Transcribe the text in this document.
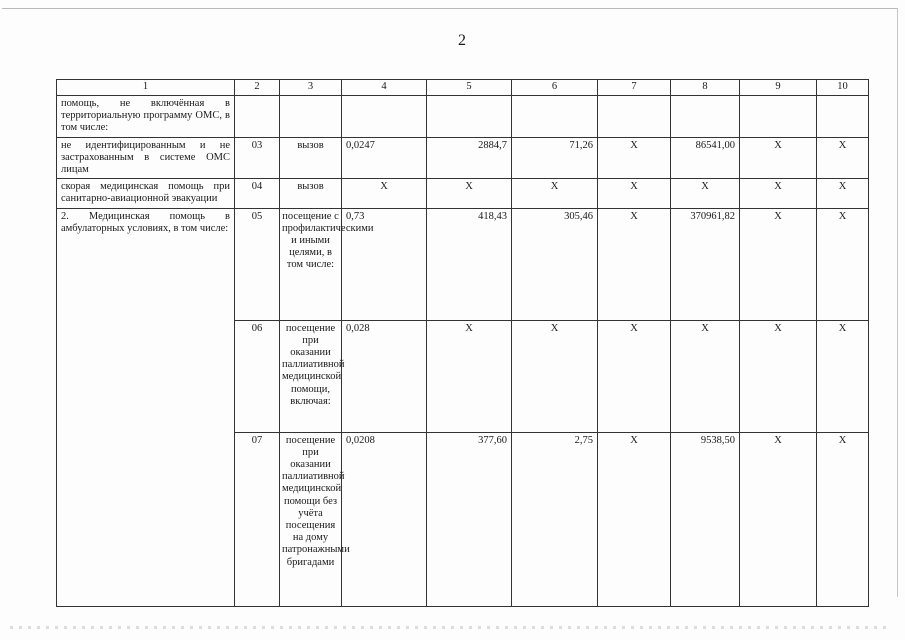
2
1	2	3	4	5	6	7	8	9	10
помощь, не включённая в территориальную программу ОМС, в том числе:									
не идентифицированным и не застрахованным в системе ОМС лицам	03	вызов	0,0247	2884,7	71,26	Х	86541,00	Х	Х
скорая медицинская помощь при санитарно-авиационной эвакуации	04	вызов	Х	Х	Х	Х	Х	Х	Х
2. Медицинская помощь в амбулаторных условиях, в том числе:	05	посещение с профилактическими и иными целями, в том числе:	0,73	418,43	305,46	Х	370961,82	Х	Х
	06	посещение при оказании паллиативной медицинской помощи, включая:	0,028	Х	Х	Х	Х	Х	Х
	07	посещение при оказании паллиативной медицинской помощи без учёта посещения на дому патронажными бригадами	0,0208	377,60	2,75	Х	9538,50	Х	Х
